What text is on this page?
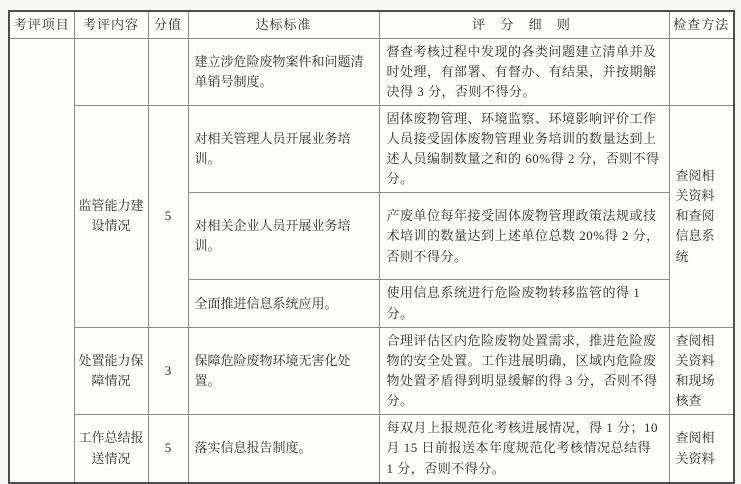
考评项目	考评内容	分值	达标标准	评 分 细 则	检查方法
			建立涉危险废物案件和问题清单销号制度。	督查考核过程中发现的各类问题建立清单并及时处理，有部署、有督办、有结果，并按期解决得 3 分，否则不得分。	
	监管能力建设情况	5	对相关管理人员开展业务培训。	固体废物管理、环境监察、环境影响评价工作人员接受固体废物管理业务培训的数量达到上述人员编制数量之和的 60%得 2 分，否则不得分。	查阅相关资料和查阅信息系统
			对相关企业人员开展业务培训。	产废单位每年接受固体废物管理政策法规或技术培训的数量达到上述单位总数 20%得 2 分，否则不得分。	
			全面推进信息系统应用。	使用信息系统进行危险废物转移监管的得 1 分。	
	处置能力保障情况	3	保障危险废物环境无害化处置。	合理评估区内危险废物处置需求，推进危险废物的安全处置。工作进展明确，区域内危险废物处置矛盾得到明显缓解的得 3 分，否则不得分。	查阅相关资料和现场核查
	工作总结报送情况	5	落实信息报告制度。	每双月上报规范化考核进展情况，得 1 分；10 月 15 日前报送本年度规范化考核情况总结得 1 分，否则不得分。	查阅相关资料
